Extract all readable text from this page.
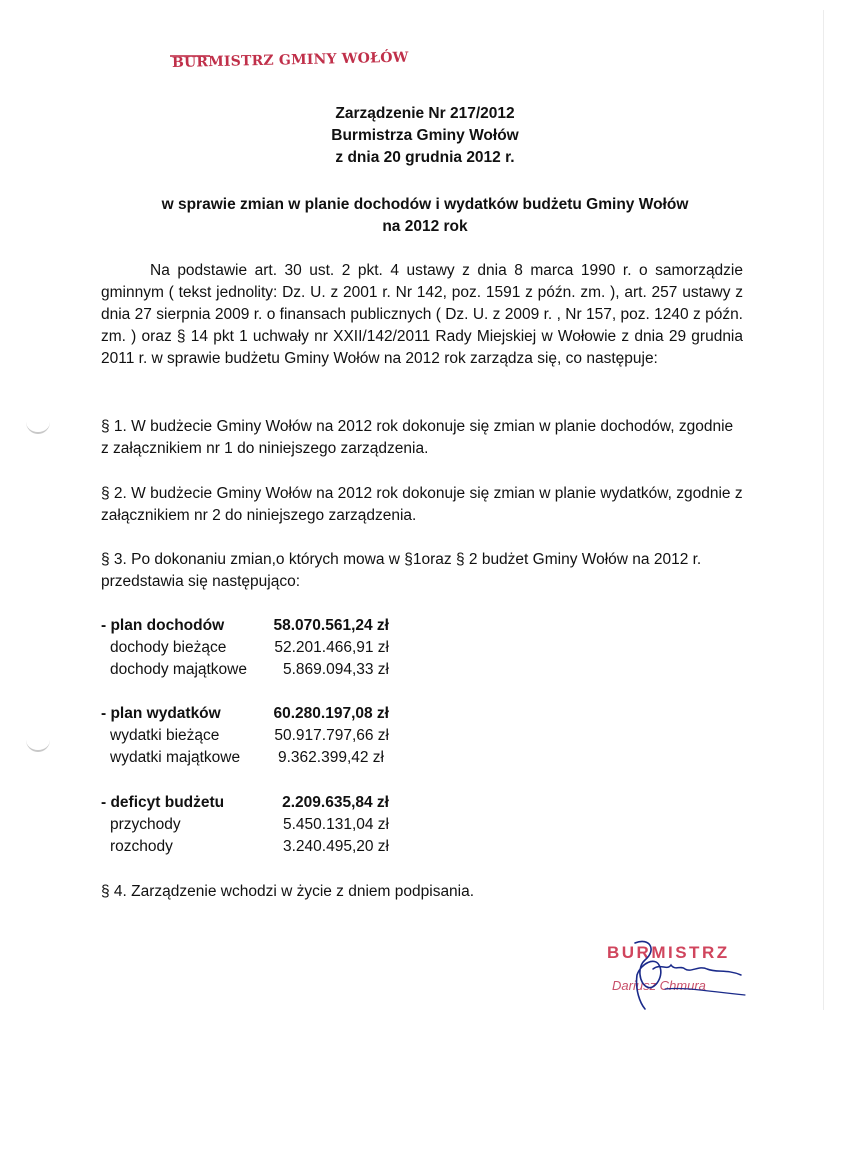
BURMISTRZ GMINY WOŁÓW
Zarządzenie Nr 217/2012
Burmistrza Gminy Wołów
z dnia 20 grudnia 2012 r.
w sprawie zmian w planie dochodów i wydatków budżetu Gminy Wołów
na 2012 rok
Na podstawie art. 30 ust. 2 pkt. 4 ustawy z dnia 8 marca 1990 r. o samorządzie gminnym ( tekst jednolity: Dz. U. z 2001 r. Nr 142, poz. 1591 z późn. zm. ), art. 257 ustawy z dnia 27 sierpnia 2009 r. o finansach publicznych ( Dz. U. z 2009 r. , Nr 157, poz. 1240 z późn. zm. ) oraz § 14 pkt 1 uchwały nr XXII/142/2011 Rady Miejskiej w Wołowie z dnia 29 grudnia 2011 r. w sprawie budżetu Gminy Wołów na 2012 rok zarządza się, co następuje:
§ 1. W budżecie Gminy Wołów na 2012 rok dokonuje się zmian w planie dochodów, zgodnie z załącznikiem nr 1 do niniejszego zarządzenia.
§ 2. W budżecie Gminy Wołów na 2012 rok dokonuje się zmian w planie wydatków, zgodnie z załącznikiem nr 2 do niniejszego zarządzenia.
§ 3. Po dokonaniu zmian,o których mowa w §1oraz § 2 budżet Gminy Wołów na 2012 r. przedstawia się następująco:
- plan dochodów	58.070.561,24 zł
dochody bieżące	52.201.466,91 zł
dochody majątkowe 5.869.094,33 zł
- plan wydatków	60.280.197,08 zł
wydatki bieżące	50.917.797,66 zł
wydatki majątkowe 9.362.399,42 zł
- deficyt budżetu	2.209.635,84 zł
przychody	5.450.131,04 zł
rozchody	3.240.495,20 zł
§ 4. Zarządzenie wchodzi w życie z dniem podpisania.
BURMISTRZ
Dariusz Chmura
